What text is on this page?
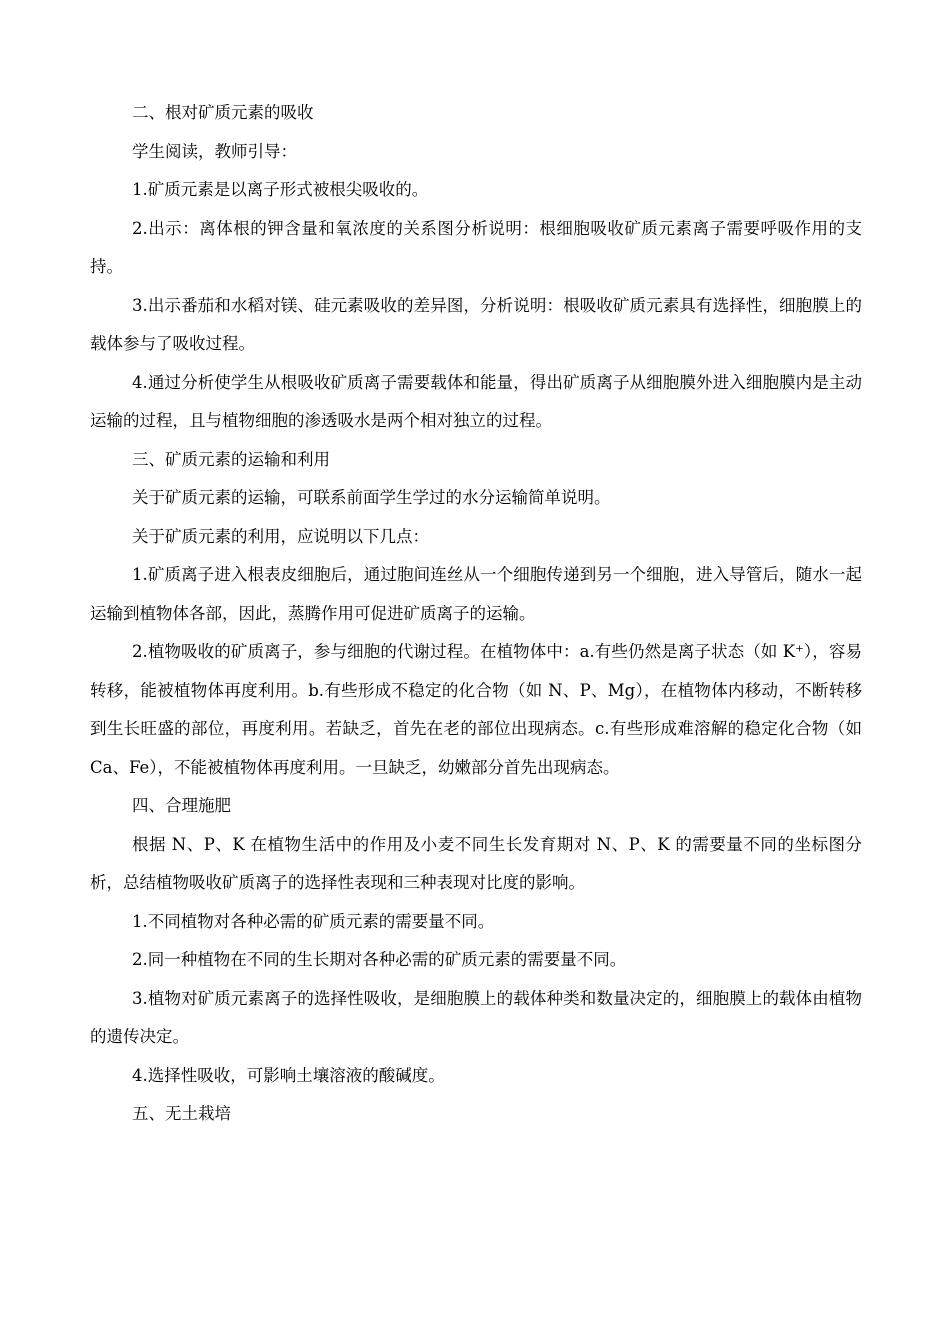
二、根对矿质元素的吸收

学生阅读，教师引导：

1.矿质元素是以离子形式被根尖吸收的。

2.出示：离体根的钾含量和氧浓度的关系图分析说明：根细胞吸收矿质元素离子需要呼吸作用的支持。

3.出示番茄和水稻对镁、硅元素吸收的差异图，分析说明：根吸收矿质元素具有选择性，细胞膜上的载体参与了吸收过程。

4.通过分析使学生从根吸收矿质离子需要载体和能量，得出矿质离子从细胞膜外进入细胞膜内是主动运输的过程，且与植物细胞的渗透吸水是两个相对独立的过程。

三、矿质元素的运输和利用

关于矿质元素的运输，可联系前面学生学过的水分运输简单说明。

关于矿质元素的利用，应说明以下几点：

1.矿质离子进入根表皮细胞后，通过胞间连丝从一个细胞传递到另一个细胞，进入导管后，随水一起运输到植物体各部，因此，蒸腾作用可促进矿质离子的运输。

2.植物吸收的矿质离子，参与细胞的代谢过程。在植物体中：a.有些仍然是离子状态（如 K⁺），容易转移，能被植物体再度利用。b.有些形成不稳定的化合物（如 N、P、Mg），在植物体内移动，不断转移到生长旺盛的部位，再度利用。若缺乏，首先在老的部位出现病态。c.有些形成难溶解的稳定化合物（如 Ca、Fe），不能被植物体再度利用。一旦缺乏，幼嫩部分首先出现病态。

四、合理施肥

根据 N、P、K 在植物生活中的作用及小麦不同生长发育期对 N、P、K 的需要量不同的坐标图分析，总结植物吸收矿质离子的选择性表现和三种表现对比度的影响。

1.不同植物对各种必需的矿质元素的需要量不同。

2.同一种植物在不同的生长期对各种必需的矿质元素的需要量不同。

3.植物对矿质元素离子的选择性吸收，是细胞膜上的载体种类和数量决定的，细胞膜上的载体由植物的遗传决定。

4.选择性吸收，可影响土壤溶液的酸碱度。

五、无土栽培
